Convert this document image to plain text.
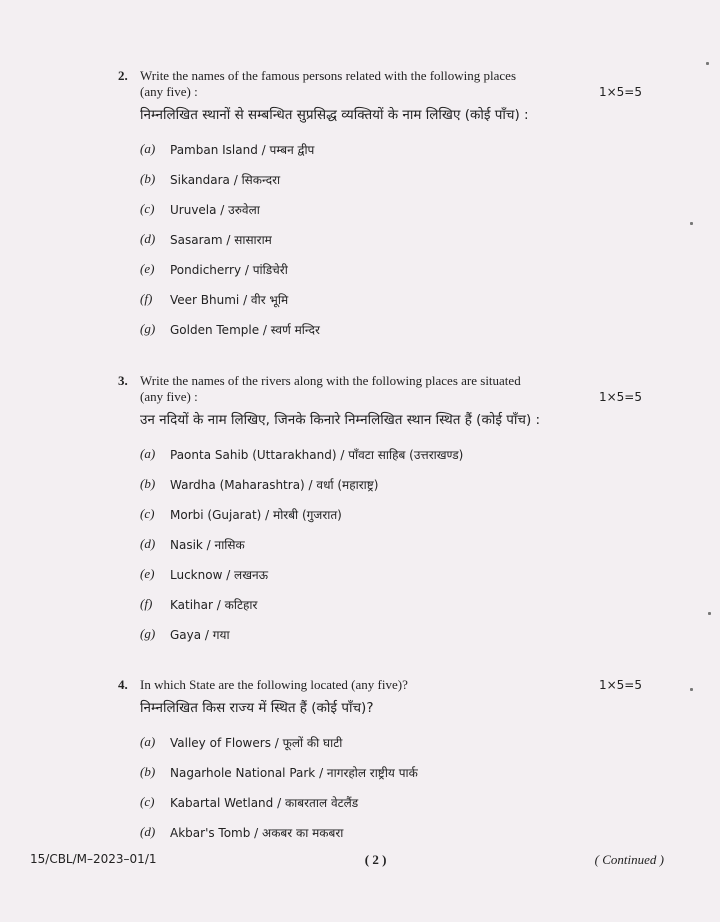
2. Write the names of the famous persons related with the following places
(any five) :	1×5=5
निम्नलिखित स्थानों से सम्बन्धित सुप्रसिद्ध व्यक्तियों के नाम लिखिए (कोई पाँच) :
(a)	Pamban Island / पम्बन द्वीप
(b)	Sikandara / सिकन्दरा
(c)	Uruvela / उरुवेला
(d)	Sasaram / सासाराम
(e)	Pondicherry / पांडिचेरी
(f)	Veer Bhumi / वीर भूमि
(g)	Golden Temple / स्वर्ण मन्दिर
3. Write the names of the rivers along with the following places are situated
(any five) :	1×5=5
उन नदियों के नाम लिखिए, जिनके किनारे निम्नलिखित स्थान स्थित हैं (कोई पाँच) :
(a)	Paonta Sahib (Uttarakhand) / पाँवटा साहिब (उत्तराखण्ड)
(b)	Wardha (Maharashtra) / वर्धा (महाराष्ट्र)
(c)	Morbi (Gujarat) / मोरबी (गुजरात)
(d)	Nasik / नासिक
(e)	Lucknow / लखनऊ
(f)	Katihar / कटिहार
(g)	Gaya / गया
4. In which State are the following located (any five)?	1×5=5
निम्नलिखित किस राज्य में स्थित हैं (कोई पाँच)?
(a)	Valley of Flowers / फूलों की घाटी
(b)	Nagarhole National Park / नागरहोल राष्ट्रीय पार्क
(c)	Kabartal Wetland / काबरताल वेटलैंड
(d)	Akbar's Tomb / अकबर का मकबरा
15/CBL/M–2023–01/1	( 2 )	( Continued )
